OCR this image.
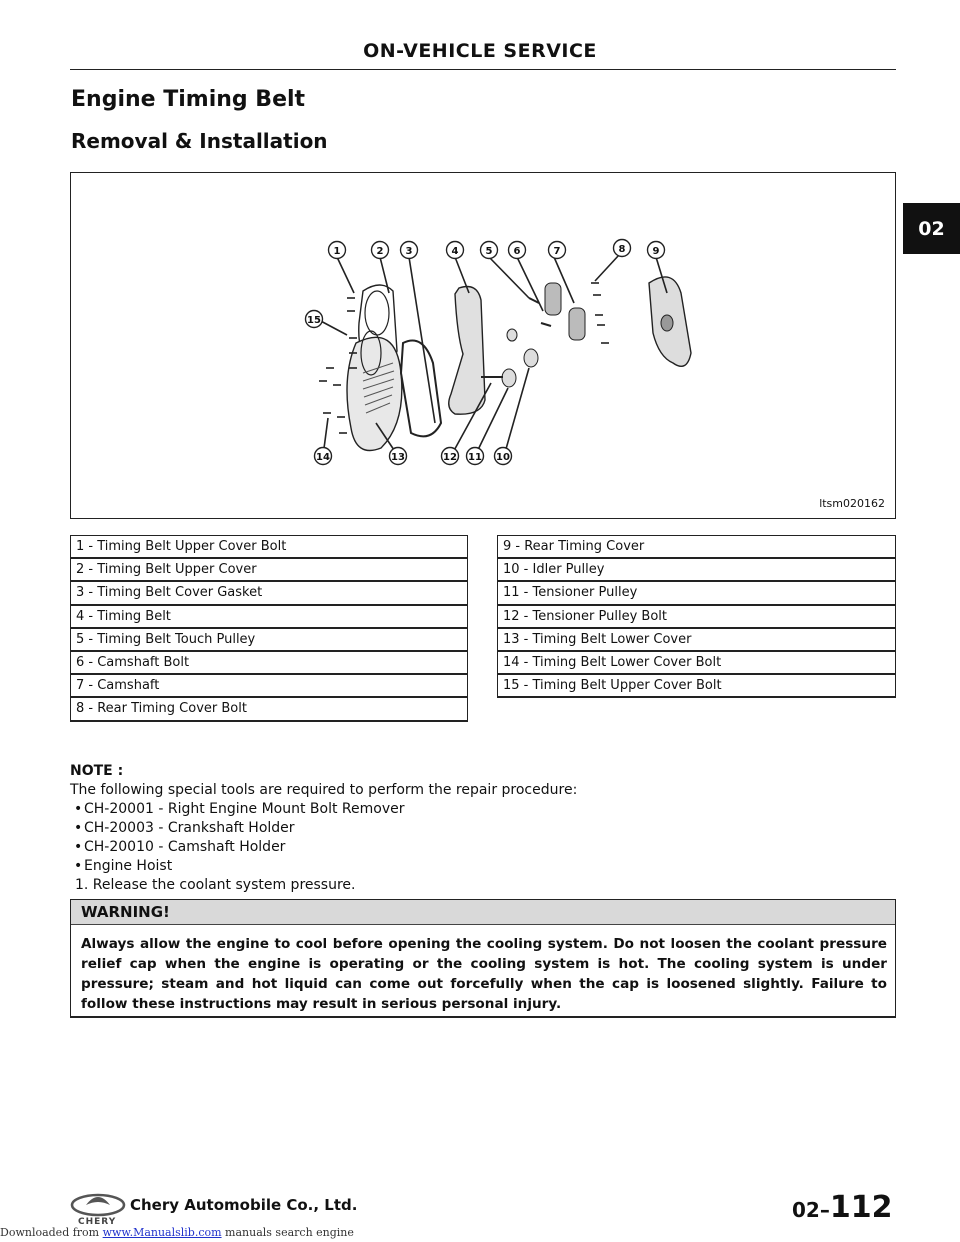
ON-VEHICLE SERVICE
02
Engine Timing Belt
Removal & Installation
1	2 3	4	5 6	7	8	9
10
11
12
13
14
15
ltsm020162
1 - Timing Belt Upper Cover Bolt
2 - Timing Belt Upper Cover
3 - Timing Belt Cover Gasket
4 - Timing Belt
5 - Timing Belt Touch Pulley
6 - Camshaft Bolt
7 - Camshaft
8 - Rear Timing Cover Bolt
9 - Rear Timing Cover
10 - Idler Pulley
11 - Tensioner Pulley
12 - Tensioner Pulley Bolt
13 - Timing Belt Lower Cover
14 - Timing Belt Lower Cover Bolt
15 - Timing Belt Upper Cover Bolt
NOTE :
The following special tools are required to perform the repair procedure:
• CH-20001 - Right Engine Mount Bolt Remover
• CH-20003 - Crankshaft Holder
• CH-20010 - Camshaft Holder
• Engine Hoist
1. Release the coolant system pressure.
WARNING!
Always allow the engine to cool before opening the cooling system. Do not loosen the coolant pressure relief cap when the engine is operating or the cooling system is hot. The cooling system is under pressure; steam and hot liquid can come out forcefully when the cap is loosened slightly. Failure to follow these instructions may result in serious personal injury.
CHERY
Chery Automobile Co., Ltd.	02–112
Downloaded from www.Manualslib.com manuals search engine
